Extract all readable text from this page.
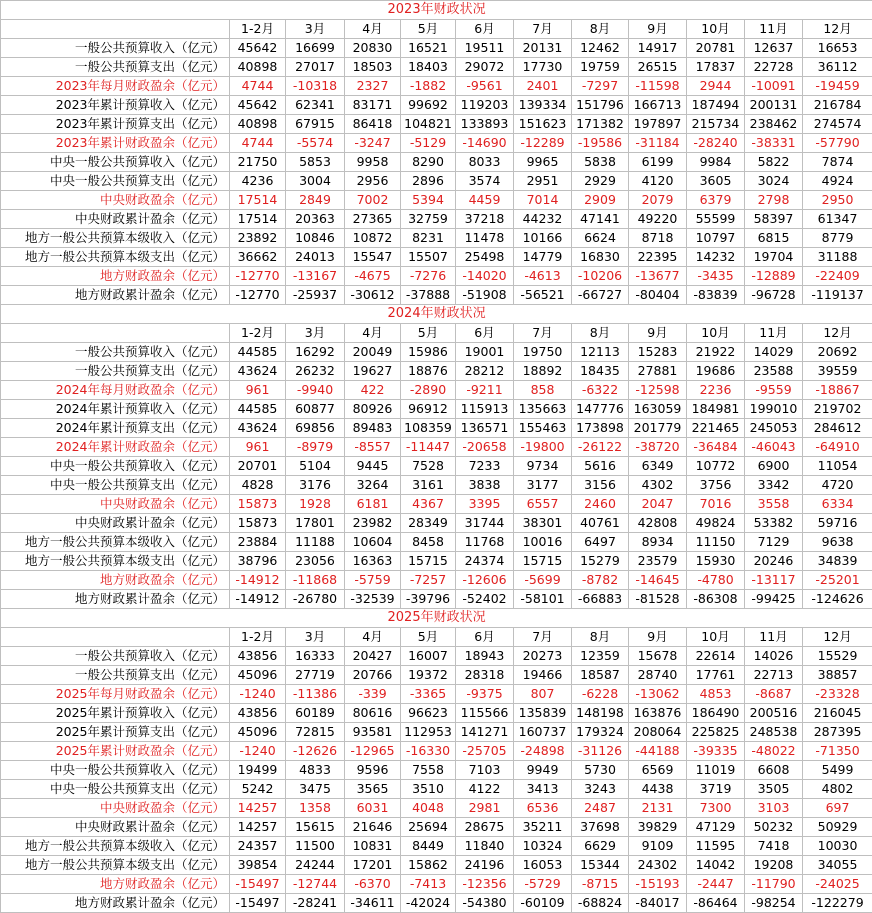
2023年财政状况											
	1-2月	3月	4月	5月	6月	7月	8月	9月	10月	11月	12月
一般公共预算收入（亿元）	45642	16699	20830	16521	19511	20131	12462	14917	20781	12637	16653
一般公共预算支出（亿元）	40898	27017	18503	18403	29072	17730	19759	26515	17837	22728	36112
2023年每月财政盈余（亿元）	4744	-10318	2327	-1882	-9561	2401	-7297	-11598	2944	-10091	-19459
2023年累计预算收入（亿元）	45642	62341	83171	99692	119203	139334	151796	166713	187494	200131	216784
2023年累计预算支出（亿元）	40898	67915	86418	104821	133893	151623	171382	197897	215734	238462	274574
2023年累计财政盈余（亿元）	4744	-5574	-3247	-5129	-14690	-12289	-19586	-31184	-28240	-38331	-57790
中央一般公共预算收入（亿元）	21750	5853	9958	8290	8033	9965	5838	6199	9984	5822	7874
中央一般公共预算支出（亿元）	4236	3004	2956	2896	3574	2951	2929	4120	3605	3024	4924
中央财政盈余（亿元）	17514	2849	7002	5394	4459	7014	2909	2079	6379	2798	2950
中央财政累计盈余（亿元）	17514	20363	27365	32759	37218	44232	47141	49220	55599	58397	61347
地方一般公共预算本级收入（亿元）	23892	10846	10872	8231	11478	10166	6624	8718	10797	6815	8779
地方一般公共预算本级支出（亿元）	36662	24013	15547	15507	25498	14779	16830	22395	14232	19704	31188
地方财政盈余（亿元）	-12770	-13167	-4675	-7276	-14020	-4613	-10206	-13677	-3435	-12889	-22409
地方财政累计盈余（亿元）	-12770	-25937	-30612	-37888	-51908	-56521	-66727	-80404	-83839	-96728	-119137
2024年财政状况											
	1-2月	3月	4月	5月	6月	7月	8月	9月	10月	11月	12月
一般公共预算收入（亿元）	44585	16292	20049	15986	19001	19750	12113	15283	21922	14029	20692
一般公共预算支出（亿元）	43624	26232	19627	18876	28212	18892	18435	27881	19686	23588	39559
2024年每月财政盈余（亿元）	961	-9940	422	-2890	-9211	858	-6322	-12598	2236	-9559	-18867
2024年累计预算收入（亿元）	44585	60877	80926	96912	115913	135663	147776	163059	184981	199010	219702
2024年累计预算支出（亿元）	43624	69856	89483	108359	136571	155463	173898	201779	221465	245053	284612
2024年累计财政盈余（亿元）	961	-8979	-8557	-11447	-20658	-19800	-26122	-38720	-36484	-46043	-64910
中央一般公共预算收入（亿元）	20701	5104	9445	7528	7233	9734	5616	6349	10772	6900	11054
中央一般公共预算支出（亿元）	4828	3176	3264	3161	3838	3177	3156	4302	3756	3342	4720
中央财政盈余（亿元）	15873	1928	6181	4367	3395	6557	2460	2047	7016	3558	6334
中央财政累计盈余（亿元）	15873	17801	23982	28349	31744	38301	40761	42808	49824	53382	59716
地方一般公共预算本级收入（亿元）	23884	11188	10604	8458	11768	10016	6497	8934	11150	7129	9638
地方一般公共预算本级支出（亿元）	38796	23056	16363	15715	24374	15715	15279	23579	15930	20246	34839
地方财政盈余（亿元）	-14912	-11868	-5759	-7257	-12606	-5699	-8782	-14645	-4780	-13117	-25201
地方财政累计盈余（亿元）	-14912	-26780	-32539	-39796	-52402	-58101	-66883	-81528	-86308	-99425	-124626
2025年财政状况											
	1-2月	3月	4月	5月	6月	7月	8月	9月	10月	11月	12月
一般公共预算收入（亿元）	43856	16333	20427	16007	18943	20273	12359	15678	22614	14026	15529
一般公共预算支出（亿元）	45096	27719	20766	19372	28318	19466	18587	28740	17761	22713	38857
2025年每月财政盈余（亿元）	-1240	-11386	-339	-3365	-9375	807	-6228	-13062	4853	-8687	-23328
2025年累计预算收入（亿元）	43856	60189	80616	96623	115566	135839	148198	163876	186490	200516	216045
2025年累计预算支出（亿元）	45096	72815	93581	112953	141271	160737	179324	208064	225825	248538	287395
2025年累计财政盈余（亿元）	-1240	-12626	-12965	-16330	-25705	-24898	-31126	-44188	-39335	-48022	-71350
中央一般公共预算收入（亿元）	19499	4833	9596	7558	7103	9949	5730	6569	11019	6608	5499
中央一般公共预算支出（亿元）	5242	3475	3565	3510	4122	3413	3243	4438	3719	3505	4802
中央财政盈余（亿元）	14257	1358	6031	4048	2981	6536	2487	2131	7300	3103	697
中央财政累计盈余（亿元）	14257	15615	21646	25694	28675	35211	37698	39829	47129	50232	50929
地方一般公共预算本级收入（亿元）	24357	11500	10831	8449	11840	10324	6629	9109	11595	7418	10030
地方一般公共预算本级支出（亿元）	39854	24244	17201	15862	24196	16053	15344	24302	14042	19208	34055
地方财政盈余（亿元）	-15497	-12744	-6370	-7413	-12356	-5729	-8715	-15193	-2447	-11790	-24025
地方财政累计盈余（亿元）	-15497	-28241	-34611	-42024	-54380	-60109	-68824	-84017	-86464	-98254	-122279
